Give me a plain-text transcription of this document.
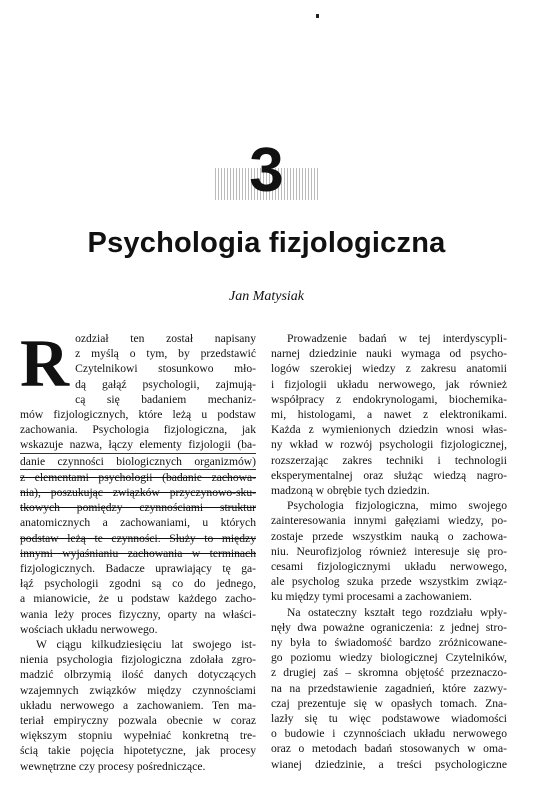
3
Psychologia fizjologiczna
Jan Matysiak

R ozdział ten został napisany
z myślą o tym, by przedstawić
Czytelnikowi stosunkowo mło-
dą gałąź psychologii, zajmują-
cą się badaniem mechaniz-
mów fizjologicznych, które leżą u podstaw
zachowania. Psychologia fizjologiczna, jak
wskazuje nazwa, łączy elementy fizjologii (ba-
danie czynności biologicznych organizmów)
z elementami psychologii (badanie zachowa-
nia), poszukując związków przyczynowo-sku-
tkowych pomiędzy czynnościami struktur
anatomicznych a zachowaniami, u których
podstaw leżą te czynności. Służy to między
innymi wyjaśnianiu zachowania w terminach
fizjologicznych. Badacze uprawiający tę ga-
łąź psychologii zgodni są co do jednego,
a mianowicie, że u podstaw każdego zacho-
wania leży proces fizyczny, oparty na właści-
wościach układu nerwowego.

W ciągu kilkudziesięciu lat swojego ist-
nienia psychologia fizjologiczna zdołała zgro-
madzić olbrzymią ilość danych dotyczących
wzajemnych związków między czynnościami
układu nerwowego a zachowaniem. Ten ma-
teriał empiryczny pozwala obecnie w coraz
większym stopniu wypełniać konkretną tre-
ścią takie pojęcia hipotetyczne, jak procesy
wewnętrzne czy procesy pośredniczące.

Prowadzenie badań w tej interdyscypli-
narnej dziedzinie nauki wymaga od psycho-
logów szerokiej wiedzy z zakresu anatomii
i fizjologii układu nerwowego, jak również
współpracy z endokrynologami, biochemika-
mi, histologami, a nawet z elektronikami.
Każda z wymienionych dziedzin wnosi włas-
ny wkład w rozwój psychologii fizjologicznej,
rozszerzając zakres techniki i technologii
eksperymentalnej oraz służąc wiedzą nagro-
madzoną w obrębie tych dziedzin.

Psychologia fizjologiczna, mimo swojego
zainteresowania innymi gałęziami wiedzy, po-
zostaje przede wszystkim nauką o zachowa-
niu. Neurofizjolog również interesuje się pro-
cesami fizjologicznymi układu nerwowego,
ale psycholog szuka przede wszystkim związ-
ku między tymi procesami a zachowaniem.

Na ostateczny kształt tego rozdziału wpły-
nęły dwa poważne ograniczenia: z jednej stro-
ny była to świadomość bardzo zróżnicowane-
go poziomu wiedzy biologicznej Czytelników,
z drugiej zaś – skromna objętość przeznaczo-
na na przedstawienie zagadnień, które zazwy-
czaj prezentuje się w opasłych tomach. Zna-
lazły się tu więc podstawowe wiadomości
o budowie i czynnościach układu nerwowego
oraz o metodach badań stosowanych w oma-
wianej dziedzinie, a treści psychologiczne
